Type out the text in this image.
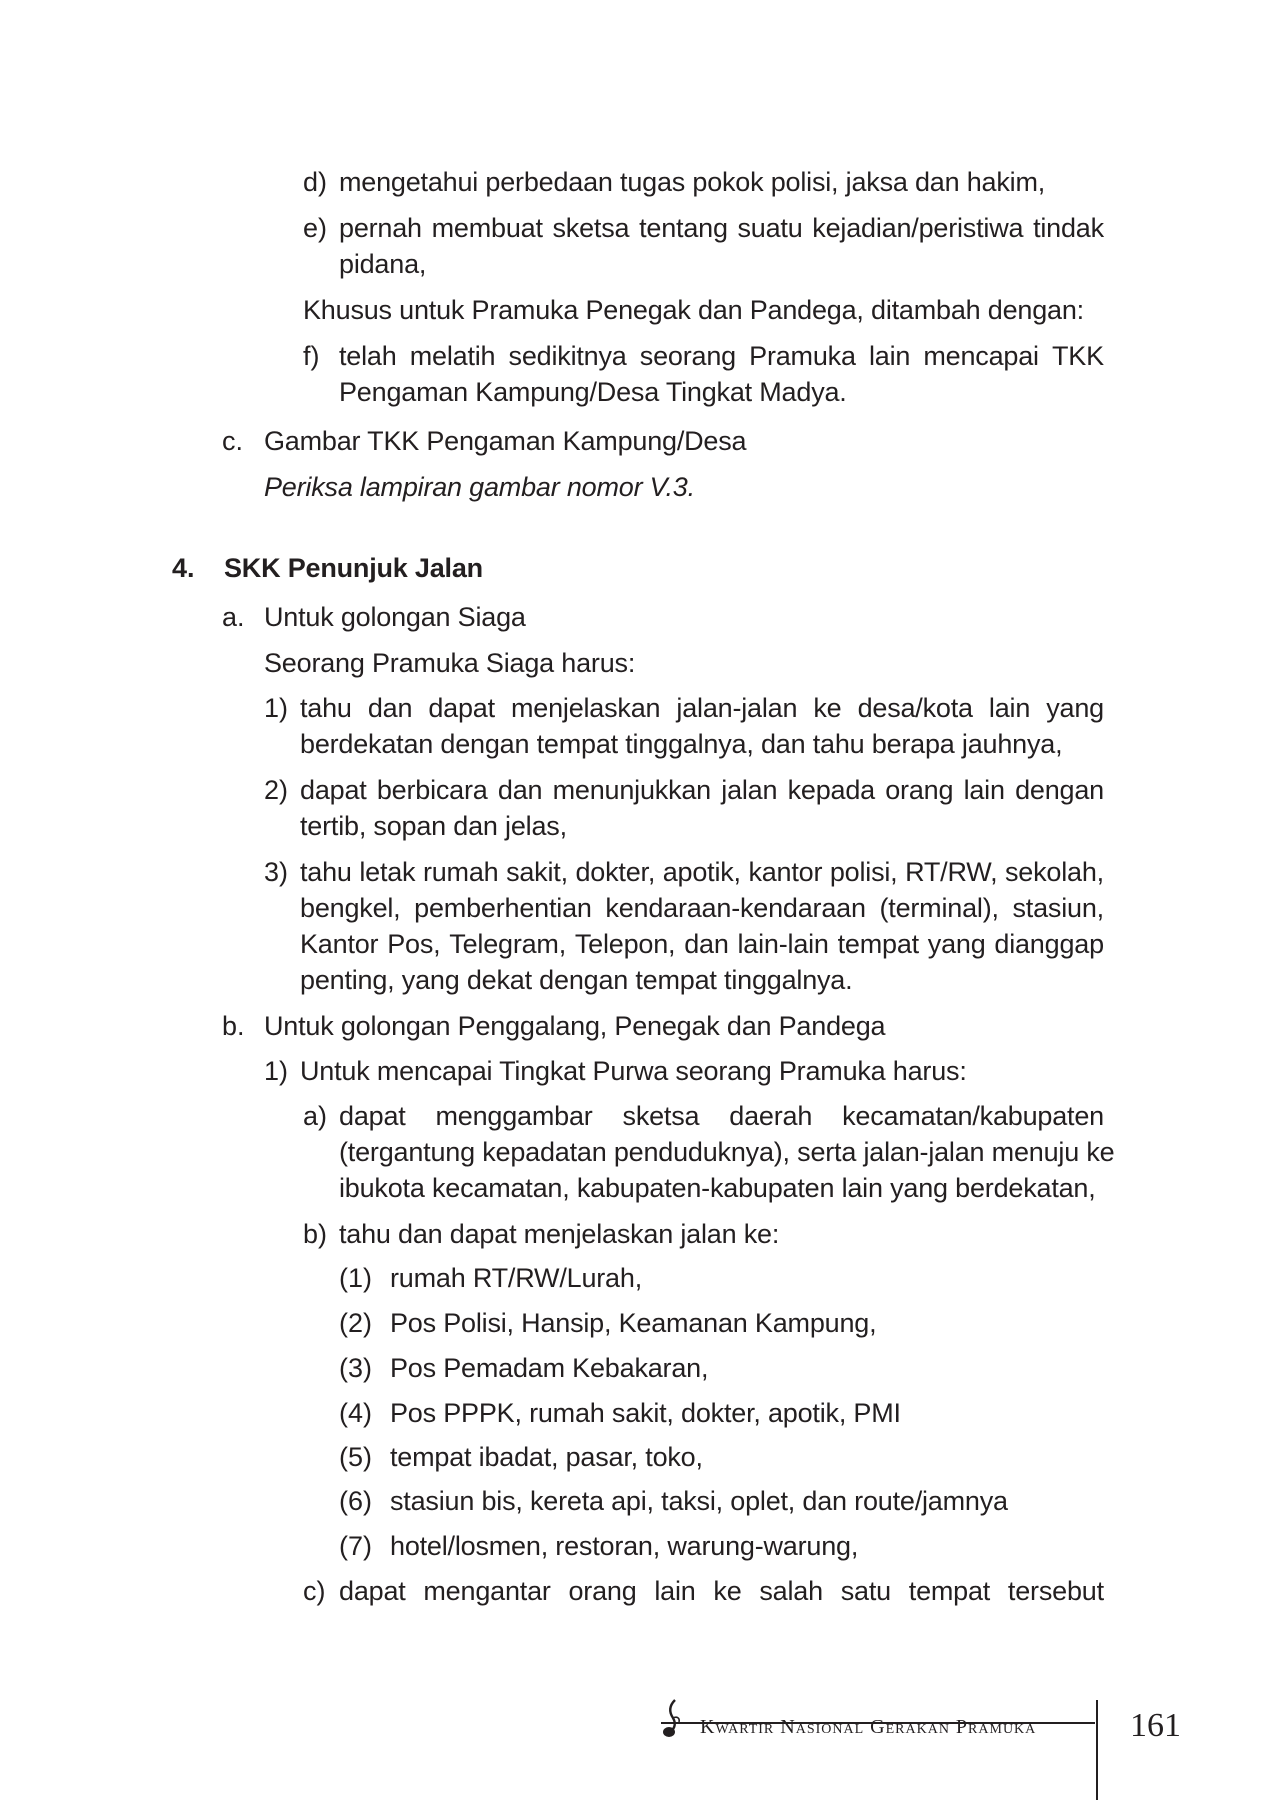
d) mengetahui perbedaan tugas pokok polisi, jaksa dan hakim,
e) pernah membuat sketsa tentang suatu kejadian/peristiwa tindak
pidana,
Khusus untuk Pramuka Penegak dan Pandega, ditambah dengan:
f) telah melatih sedikitnya seorang Pramuka lain mencapai TKK
Pengaman Kampung/Desa Tingkat Madya.
c. Gambar TKK Pengaman Kampung/Desa
Periksa lampiran gambar nomor V.3.
4. SKK Penunjuk Jalan
a. Untuk golongan Siaga
Seorang Pramuka Siaga harus:
1) tahu dan dapat menjelaskan jalan-jalan ke desa/kota lain yang
berdekatan dengan tempat tinggalnya, dan tahu berapa jauhnya,
2) dapat berbicara dan menunjukkan jalan kepada orang lain dengan
tertib, sopan dan jelas,
3) tahu letak rumah sakit, dokter, apotik, kantor polisi, RT/RW, sekolah,
bengkel, pemberhentian kendaraan-kendaraan (terminal), stasiun,
Kantor Pos, Telegram, Telepon, dan lain-lain tempat yang dianggap
penting, yang dekat dengan tempat tinggalnya.
b. Untuk golongan Penggalang, Penegak dan Pandega
1) Untuk mencapai Tingkat Purwa seorang Pramuka harus:
a) dapat menggambar sketsa daerah kecamatan/kabupaten
(tergantung kepadatan penduduknya), serta jalan-jalan menuju ke
ibukota kecamatan, kabupaten-kabupaten lain yang berdekatan,
b) tahu dan dapat menjelaskan jalan ke:
(1) rumah RT/RW/Lurah,
(2) Pos Polisi, Hansip, Keamanan Kampung,
(3) Pos Pemadam Kebakaran,
(4) Pos PPPK, rumah sakit, dokter, apotik, PMI
(5) tempat ibadat, pasar, toko,
(6) stasiun bis, kereta api, taksi, oplet, dan route/jamnya
(7) hotel/losmen, restoran, warung-warung,
c) dapat mengantar orang lain ke salah satu tempat tersebut
Kwartir Nasional Gerakan Pramuka	161
